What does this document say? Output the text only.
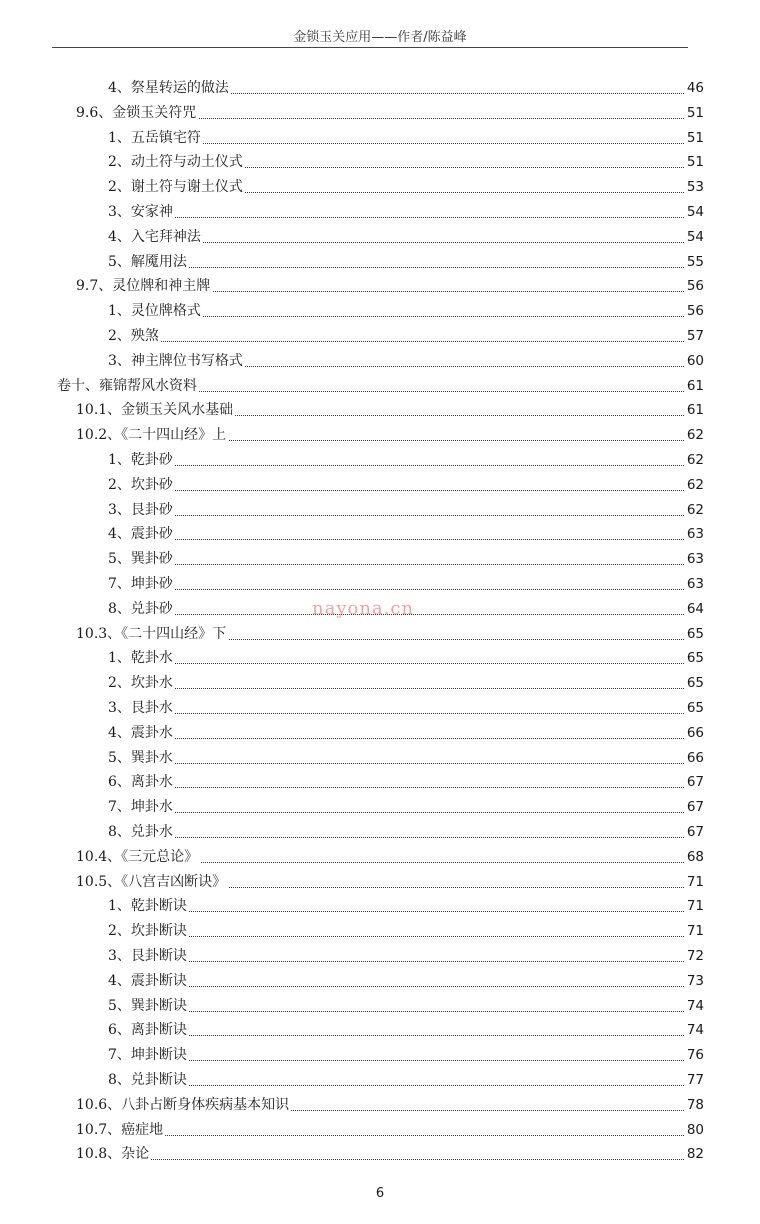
金锁玉关应用——作者/陈益峰
4、祭星转运的做法	46
9.6、金锁玉关符咒	51
1、五岳镇宅符	51
2、动土符与动土仪式	51
2、谢土符与谢土仪式	53
3、安家神	54
4、入宅拜神法	54
5、解魇用法	55
9.7、灵位牌和神主牌	56
1、灵位牌格式	56
2、殃煞	57
3、神主牌位书写格式	60
卷十、雍锦帮风水资料	61
10.1、金锁玉关风水基础	61
10.2、《二十四山经》上	62
1、乾卦砂	62
2、坎卦砂	62
3、艮卦砂	62
4、震卦砂	63
5、巽卦砂	63
7、坤卦砂	63
8、兑卦砂	64
10.3、《二十四山经》下	65
1、乾卦水	65
2、坎卦水	65
3、艮卦水	65
4、震卦水	66
5、巽卦水	66
6、离卦水	67
7、坤卦水	67
8、兑卦水	67
10.4、《三元总论》	68
10.5、《八宫吉凶断诀》	71
1、乾卦断诀	71
2、坎卦断诀	71
3、艮卦断诀	72
4、震卦断诀	73
5、巽卦断诀	74
6、离卦断诀	74
7、坤卦断诀	76
8、兑卦断诀	77
10.6、八卦占断身体疾病基本知识	78
10.7、癌症地	80
10.8、杂论	82
nayona.cn
6
